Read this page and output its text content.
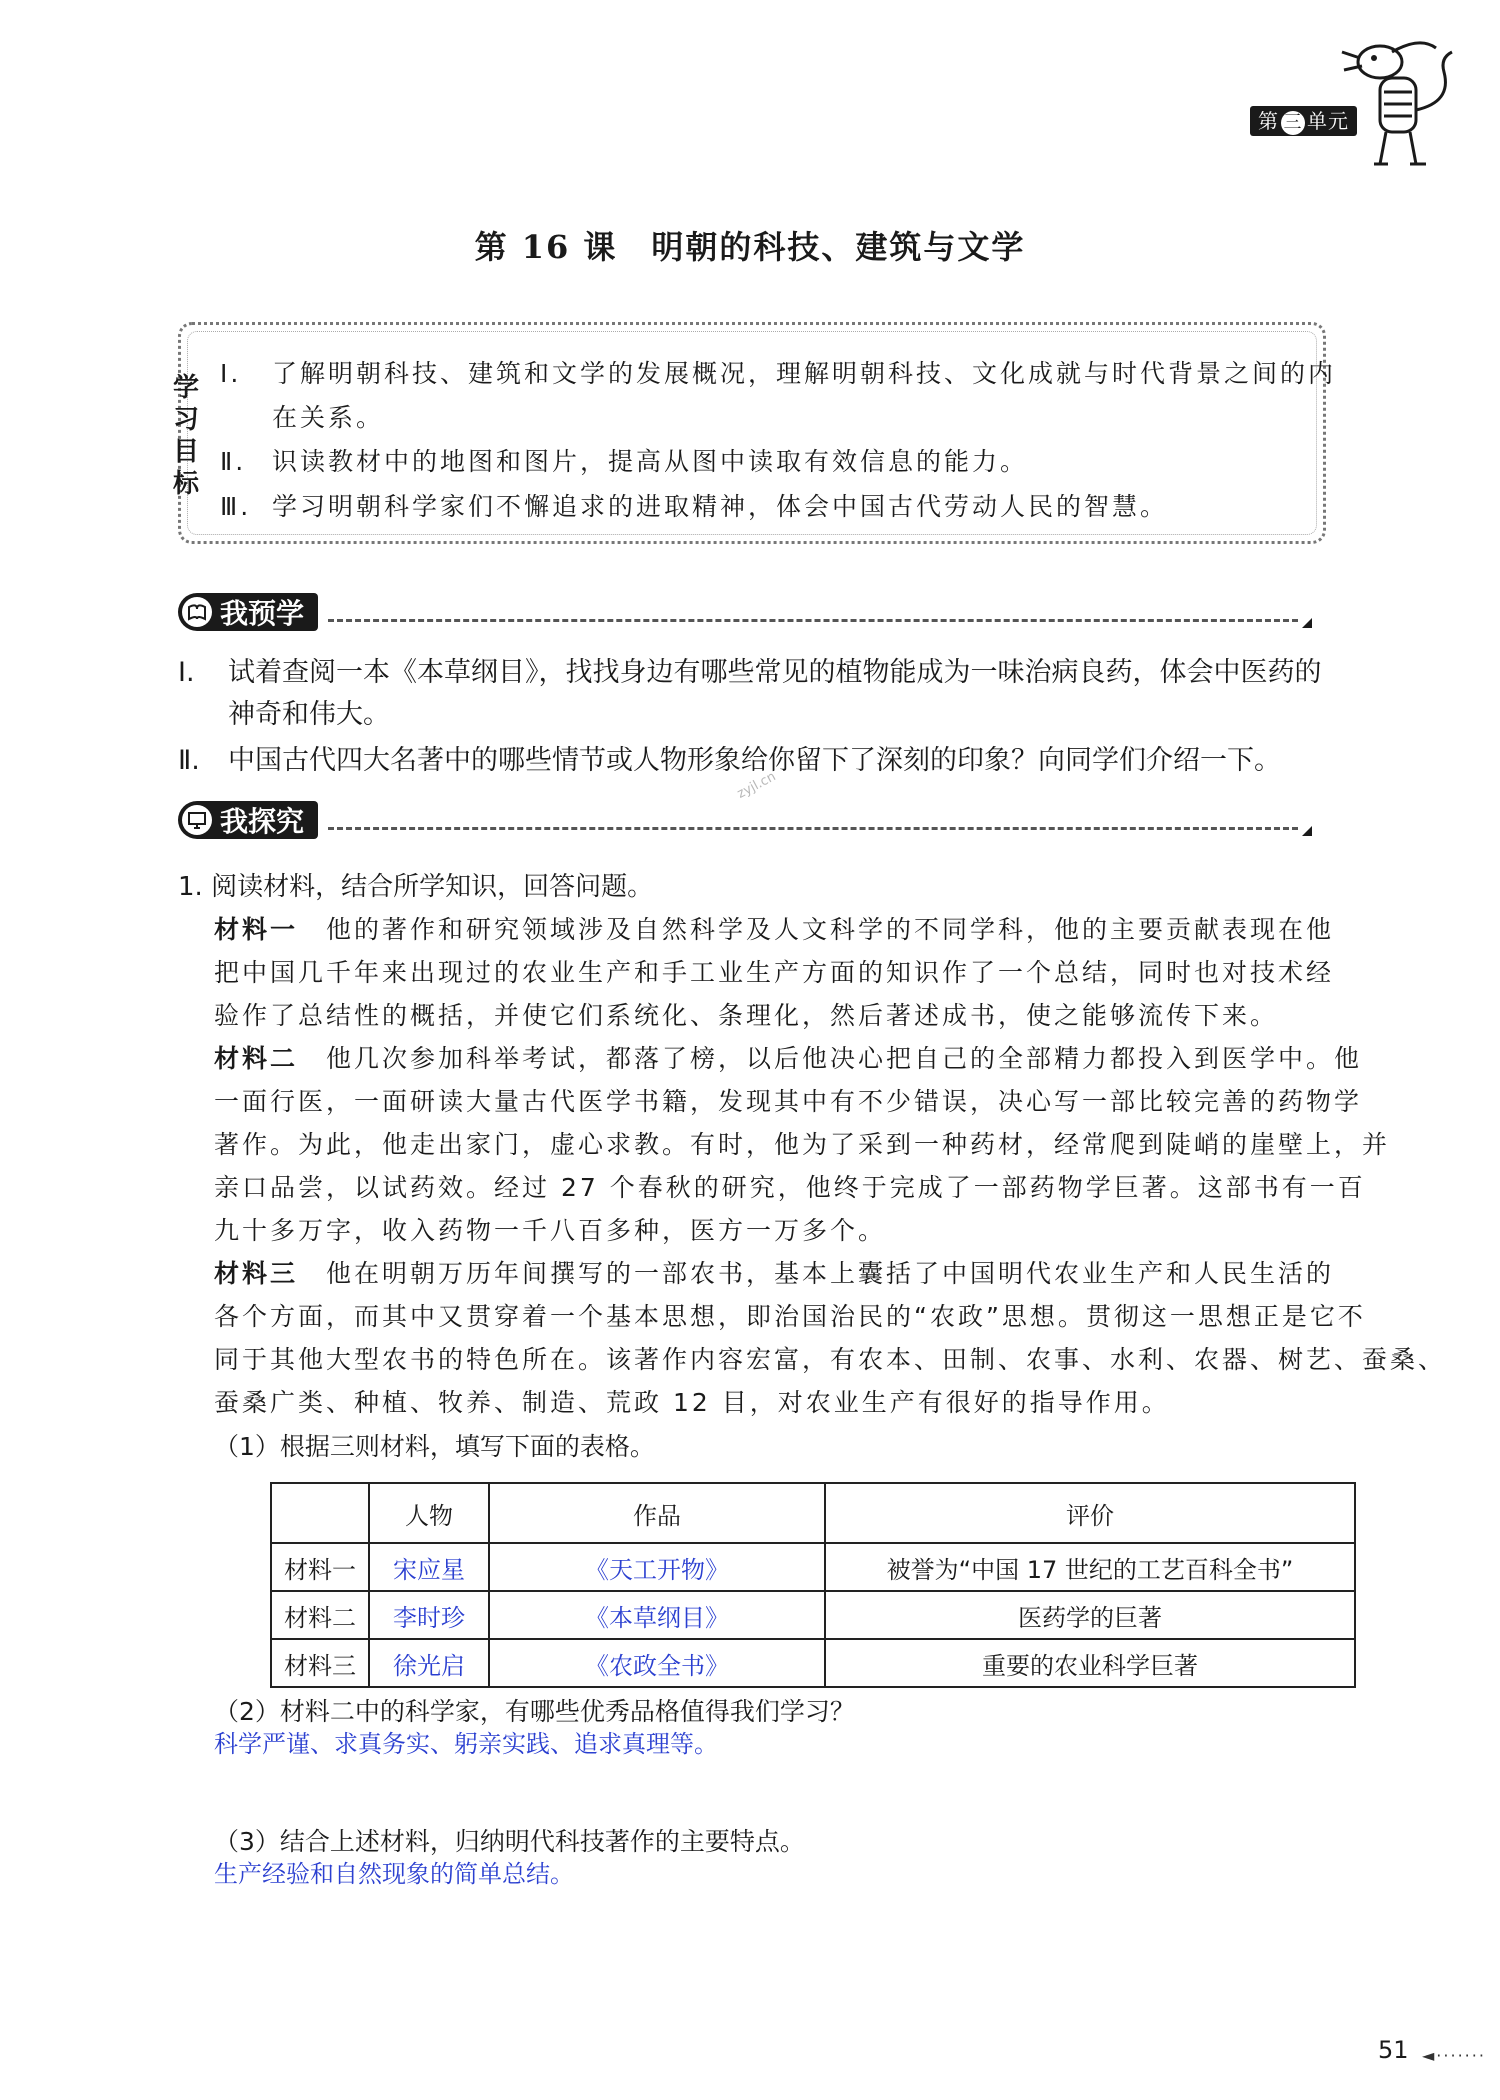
第 三 单元
第 16 课　明朝的科技、建筑与文学
学习目标
Ⅰ. 了解明朝科技、建筑和文学的发展概况，理解明朝科技、文化成就与时代背景之间的内
在关系。
Ⅱ. 识读教材中的地图和图片，提高从图中读取有效信息的能力。
Ⅲ. 学习明朝科学家们不懈追求的进取精神，体会中国古代劳动人民的智慧。
我预学
Ⅰ. 试着查阅一本《本草纲目》，找找身边有哪些常见的植物能成为一味治病良药，体会中医药的
神奇和伟大。
Ⅱ. 中国古代四大名著中的哪些情节或人物形象给你留下了深刻的印象？向同学们介绍一下。
zyjl.cn
我探究
1. 阅读材料，结合所学知识，回答问题。
材料一　 他的著作和研究领域涉及自然科学及人文科学的不同学科，他的主要贡献表现在他
把中国几千年来出现过的农业生产和手工业生产方面的知识作了一个总结，同时也对技术经
验作了总结性的概括，并使它们系统化、条理化，然后著述成书，使之能够流传下来。
材料二　 他几次参加科举考试，都落了榜，以后他决心把自己的全部精力都投入到医学中。他
一面行医，一面研读大量古代医学书籍，发现其中有不少错误，决心写一部比较完善的药物学
著作。为此，他走出家门，虚心求教。有时，他为了采到一种药材，经常爬到陡峭的崖壁上，并
亲口品尝，以试药效。经过 27 个春秋的研究，他终于完成了一部药物学巨著。这部书有一百
九十多万字，收入药物一千八百多种，医方一万多个。
材料三　 他在明朝万历年间撰写的一部农书，基本上囊括了中国明代农业生产和人民生活的
各个方面，而其中又贯穿着一个基本思想，即治国治民的“农政”思想。贯彻这一思想正是它不
同于其他大型农书的特色所在。该著作内容宏富，有农本、田制、农事、水利、农器、树艺、蚕桑、
蚕桑广类、种植、牧养、制造、荒政 12 目，对农业生产有很好的指导作用。
（1）根据三则材料，填写下面的表格。
	人物	作品	评价
材料一	宋应星	《天工开物》	被誉为“中国 17 世纪的工艺百科全书”
材料二	李时珍	《本草纲目》	医药学的巨著
材料三	徐光启	《农政全书》	重要的农业科学巨著
（2）材料二中的科学家，有哪些优秀品格值得我们学习？
科学严谨、求真务实、躬亲实践、追求真理等。
（3）结合上述材料，归纳明代科技著作的主要特点。
生产经验和自然现象的简单总结。
51 ◄·······
